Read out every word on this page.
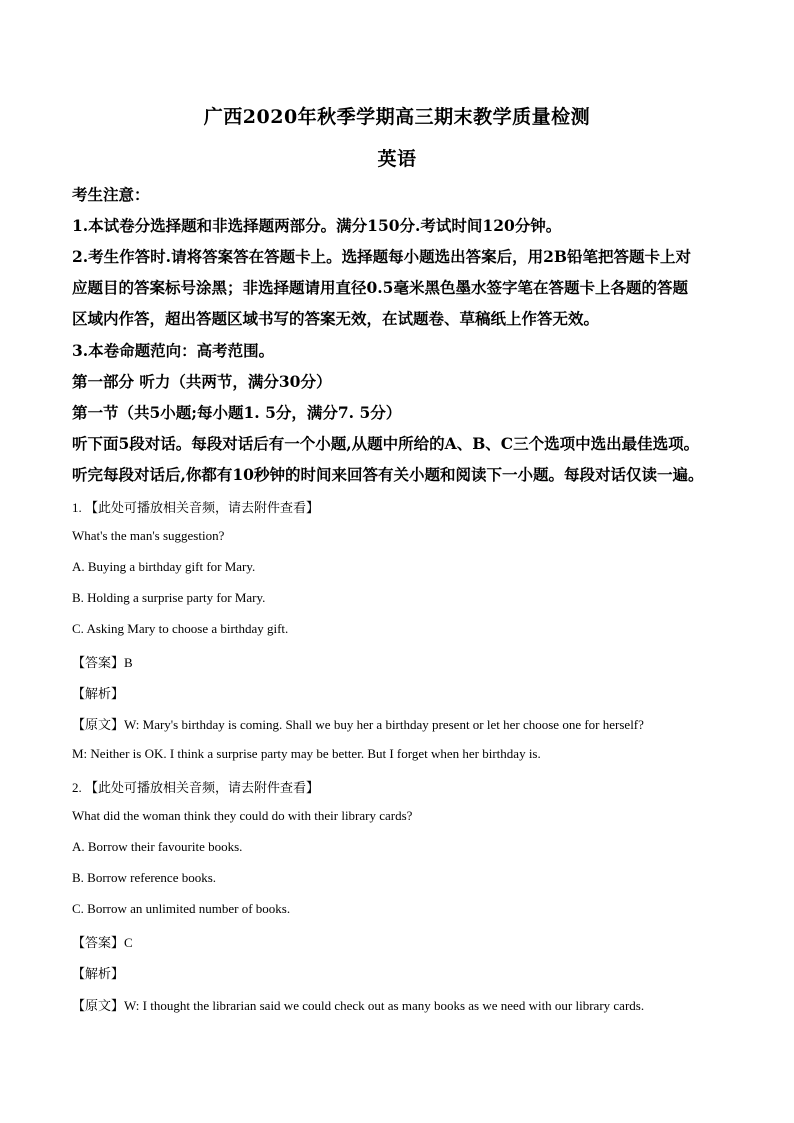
广西2020年秋季学期高三期末教学质量检测
英语
考生注意：
1.本试卷分选择题和非选择题两部分。满分150分.考试时间120分钟。
2.考生作答时.请将答案答在答题卡上。选择题每小题选出答案后，用2B铅笔把答题卡上对
应题目的答案标号涂黑；非选择题请用直径0.5毫米黑色墨水签字笔在答题卡上各题的答题
区域内作答，超出答题区域书写的答案无效，在试题卷、草稿纸上作答无效。
3.本卷命题范向：高考范围。
第一部分 听力（共两节，满分30分）
第一节（共5小题;每小题1. 5分，满分7. 5分）
听下面5段对话。每段对话后有一个小题,从题中所给的A、B、C三个选项中选出最佳选项。
听完每段对话后,你都有10秒钟的时间来回答有关小题和阅读下一小题。每段对话仅读一遍。
1. 【此处可播放相关音频，请去附件查看】
What's the man's suggestion?
A. Buying a birthday gift for Mary.
B. Holding a surprise party for Mary.
C. Asking Mary to choose a birthday gift.
【答案】B
【解析】
【原文】W: Mary's birthday is coming. Shall we buy her a birthday present or let her choose one for herself?
M: Neither is OK. I think a surprise party may be better. But I forget when her birthday is.
2. 【此处可播放相关音频，请去附件查看】
What did the woman think they could do with their library cards?
A. Borrow their favourite books.
B. Borrow reference books.
C. Borrow an unlimited number of books.
【答案】C
【解析】
【原文】W: I thought the librarian said we could check out as many books as we need with our library cards.
